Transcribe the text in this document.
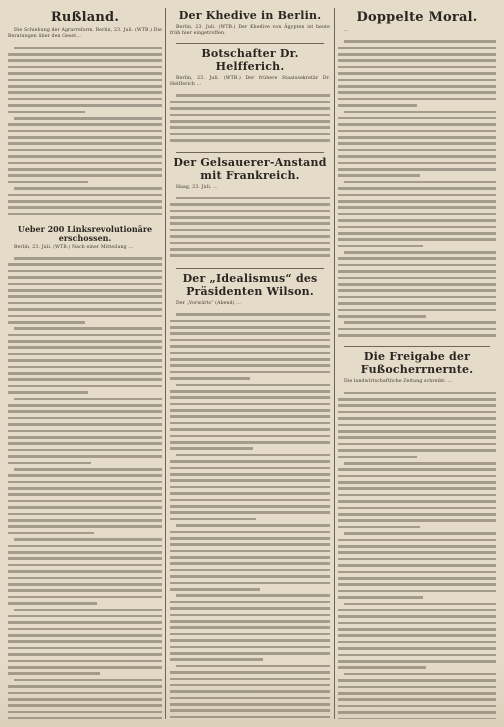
Rußland.

Die Schiebung der Agrarreform. Berlin, 23. Juli. (WTB.) Die Beratungen über den Geset…

Ueber 200 Linksrevolutionäre erschossen.

Berlin, 23. Juli. (WTB.) Nach einer Mitteilung …

Der Khedive in Berlin.

Berlin, 23. Juli. (WTB.) Der Khedive von Ägypten ist heute früh hier eingetroffen.

Botschafter Dr. Helfferich.

Berlin, 23. Juli. (WTB.) Der frühere Staatssekretär Dr. Helfferich …

Der Gelsauerer-Anstand mit Frankreich.

Haag, 23. Juli. …

Der „Idealismus“ des Präsidenten Wilson.

Der „Vorwärts“ (Abend) …

Doppelte Moral.

…

Die Freigabe der Fußocherrnernte.

Die landwirtschaftliche Zeitung schreibt: …
